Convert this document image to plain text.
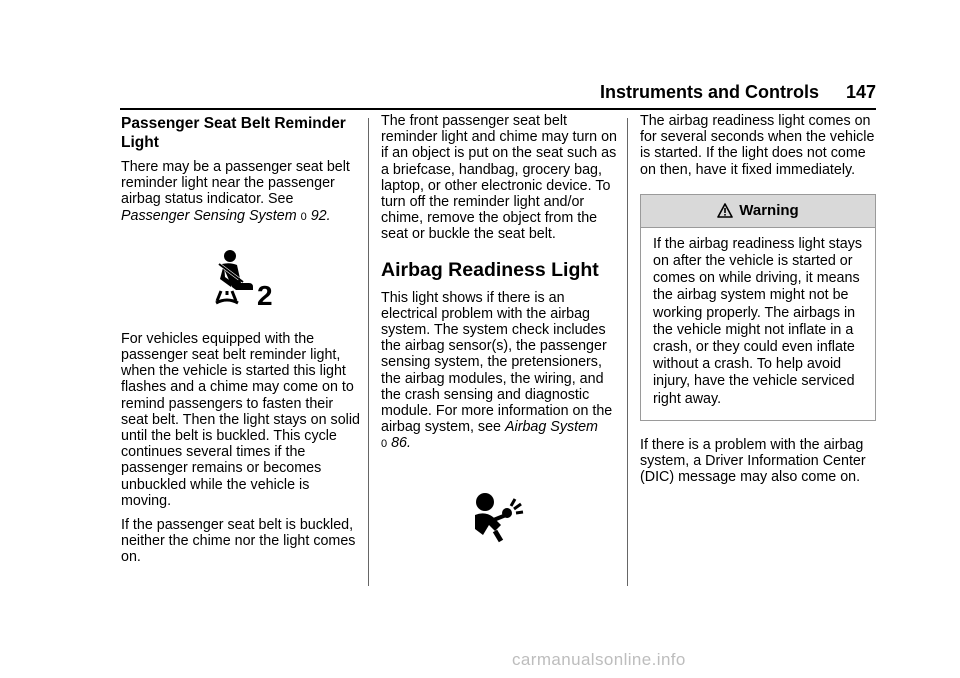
Instruments and Controls 147
Passenger Seat Belt Reminder Light

There may be a passenger seat belt reminder light near the passenger airbag status indicator. See
Passenger Sensing System 0 92.

2

For vehicles equipped with the passenger seat belt reminder light, when the vehicle is started this light flashes and a chime may come on to remind passengers to fasten their seat belt. Then the light stays on solid until the belt is buckled. This cycle continues several times if the passenger remains or becomes unbuckled while the vehicle is moving.

If the passenger seat belt is buckled, neither the chime nor the light comes on.

The front passenger seat belt reminder light and chime may turn on if an object is put on the seat such as a briefcase, handbag, grocery bag, laptop, or other electronic device. To turn off the reminder light and/or chime, remove the object from the seat or buckle the seat belt.

Airbag Readiness Light

This light shows if there is an electrical problem with the airbag system. The system check includes the airbag sensor(s), the passenger sensing system, the pretensioners, the airbag modules, the wiring, and the crash sensing and diagnostic module. For more information on the airbag system, see Airbag System
0 86.

The airbag readiness light comes on for several seconds when the vehicle is started. If the light does not come on then, have it fixed immediately.

Warning

If the airbag readiness light stays on after the vehicle is started or comes on while driving, it means the airbag system might not be working properly. The airbags in the vehicle might not inflate in a crash, or they could even inflate without a crash. To help avoid injury, have the vehicle serviced right away.

If there is a problem with the airbag system, a Driver Information Center (DIC) message may also come on.

carmanualsonline.info
